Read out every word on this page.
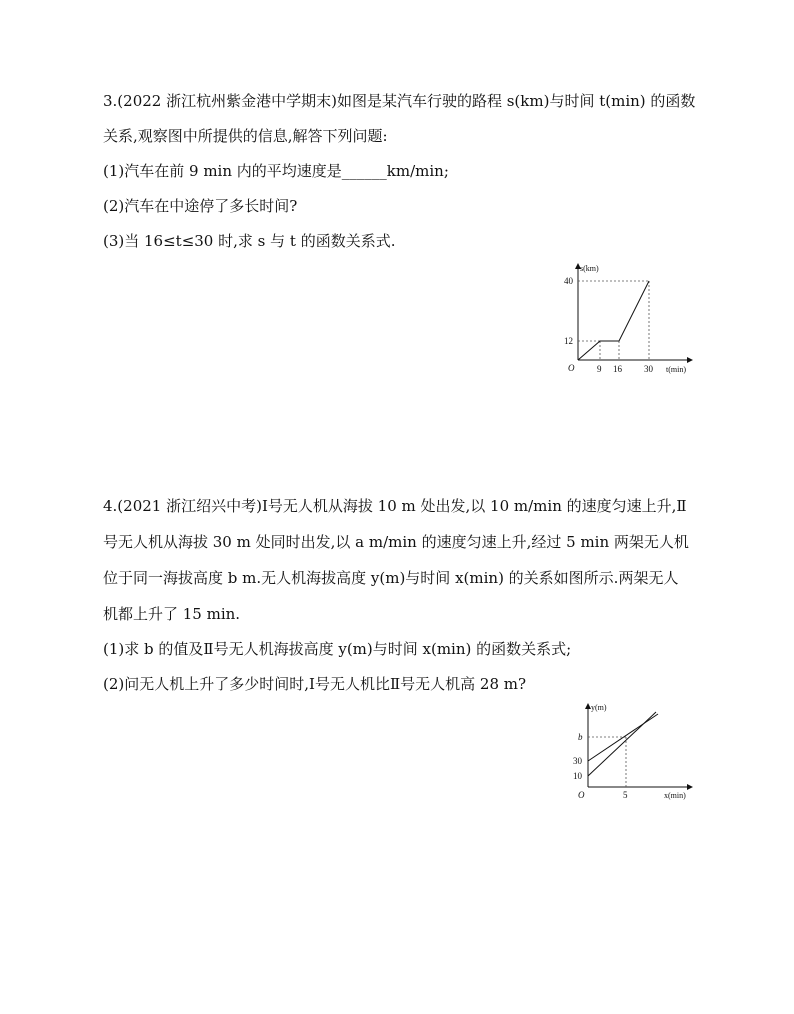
3.(2022 浙江杭州紫金港中学期末)如图是某汽车行驶的路程 s(km)与时间 t(min) 的函数
关系,观察图中所提供的信息,解答下列问题:
(1)汽车在前 9 min 内的平均速度是______km/min;
(2)汽车在中途停了多长时间?
(3)当 16≤t≤30 时,求 s 与 t 的函数关系式.
s(km)
40
12
O	9 16 30 t(min)
4.(2021 浙江绍兴中考)Ⅰ号无人机从海拔 10 m 处出发,以 10 m/min 的速度匀速上升,Ⅱ
号无人机从海拔 30 m 处同时出发,以 a m/min 的速度匀速上升,经过 5 min 两架无人机
位于同一海拔高度 b m.无人机海拔高度 y(m)与时间 x(min) 的关系如图所示.两架无人
机都上升了 15 min.
(1)求 b 的值及Ⅱ号无人机海拔高度 y(m)与时间 x(min) 的函数关系式;
(2)问无人机上升了多少时间时,Ⅰ号无人机比Ⅱ号无人机高 28 m?
y(m)
b
30
10
O	5	x(min)
